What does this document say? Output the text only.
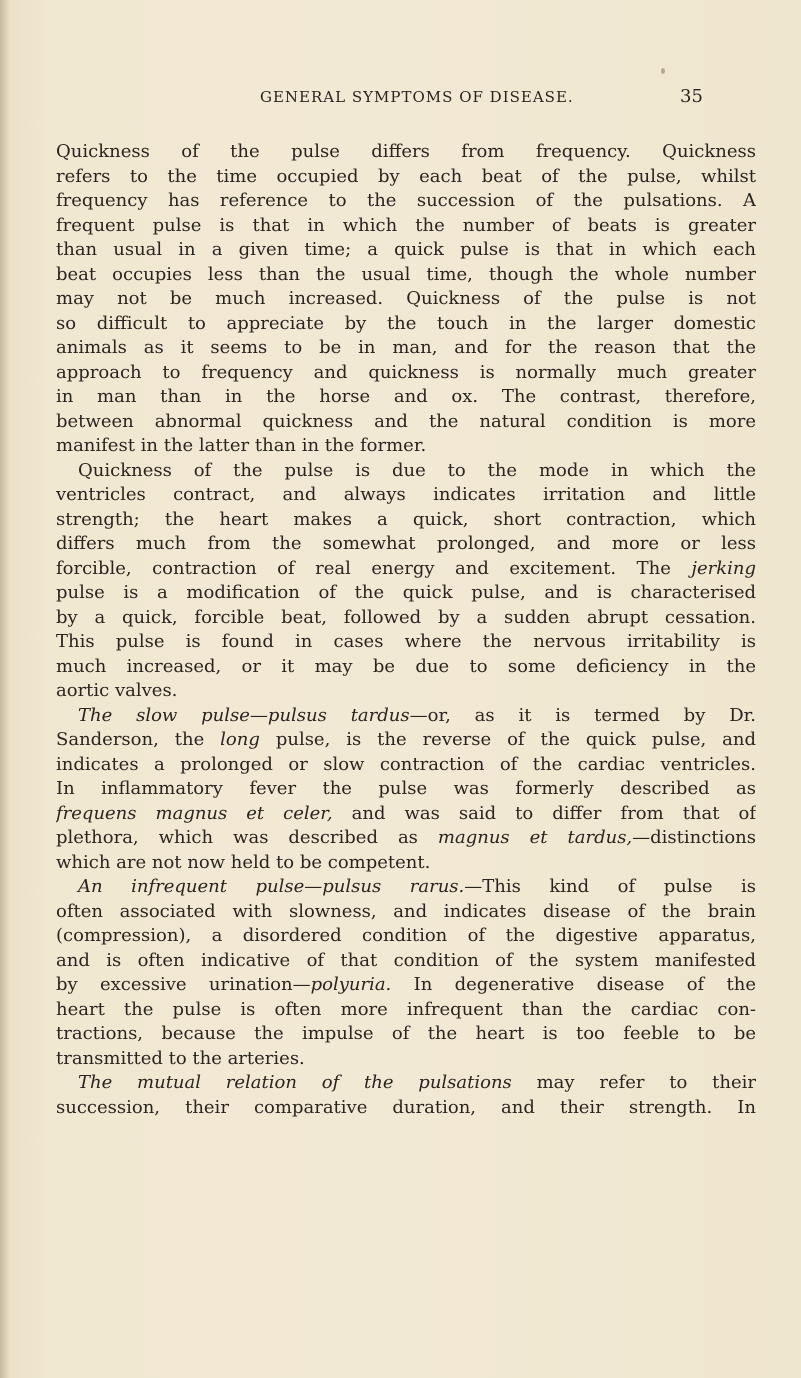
GENERAL SYMPTOMS OF DISEASE.	35
Quickness of the pulse differs from frequency. Quickness
refers to the time occupied by each beat of the pulse, whilst
frequency has reference to the succession of the pulsations. A
frequent pulse is that in which the number of beats is greater
than usual in a given time; a quick pulse is that in which each
beat occupies less than the usual time, though the whole number
may not be much increased. Quickness of the pulse is not
so difficult to appreciate by the touch in the larger domestic
animals as it seems to be in man, and for the reason that the
approach to frequency and quickness is normally much greater
in man than in the horse and ox. The contrast, therefore,
between abnormal quickness and the natural condition is more
manifest in the latter than in the former.
Quickness of the pulse is due to the mode in which the
ventricles contract, and always indicates irritation and little
strength; the heart makes a quick, short contraction, which
differs much from the somewhat prolonged, and more or less
forcible, contraction of real energy and excitement. The jerking
pulse is a modification of the quick pulse, and is characterised
by a quick, forcible beat, followed by a sudden abrupt cessation.
This pulse is found in cases where the nervous irritability is
much increased, or it may be due to some deficiency in the
aortic valves.
The slow pulse—pulsus tardus—or, as it is termed by Dr.
Sanderson, the long pulse, is the reverse of the quick pulse, and
indicates a prolonged or slow contraction of the cardiac ventricles.
In inflammatory fever the pulse was formerly described as
frequens magnus et celer, and was said to differ from that of
plethora, which was described as magnus et tardus,—distinctions
which are not now held to be competent.
An infrequent pulse—pulsus rarus.—This kind of pulse is
often associated with slowness, and indicates disease of the brain
(compression), a disordered condition of the digestive apparatus,
and is often indicative of that condition of the system manifested
by excessive urination—polyuria. In degenerative disease of the
heart the pulse is often more infrequent than the cardiac con-
tractions, because the impulse of the heart is too feeble to be
transmitted to the arteries.
The mutual relation of the pulsations may refer to their
succession, their comparative duration, and their strength. In
